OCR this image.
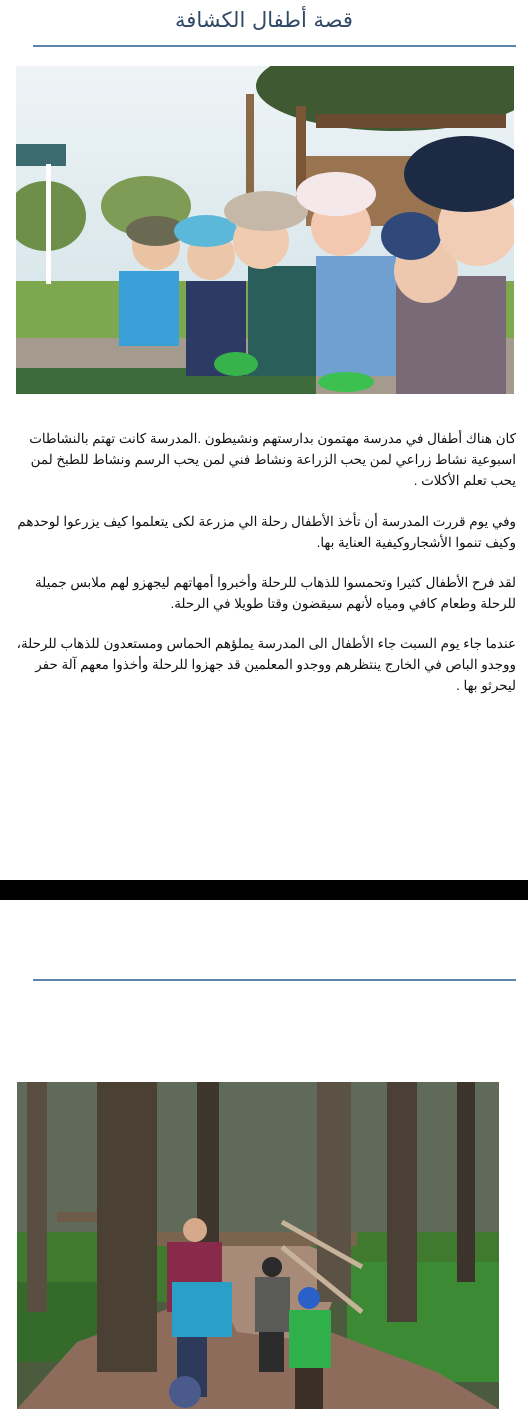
قصة أطفال الكشافة

كان هناك أطفال في مدرسة مهتمون بدارستهم ونشيطون .المدرسة كانت تهتم بالنشاطات اسبوعية نشاط زراعي لمن يحب الزراعة ونشاط فني لمن يحب الرسم ونشاط للطبخ لمن يحب تعلم الأكلات .

وفي يوم قررت المدرسة أن تأخذ الأطفال رحلة الي مزرعة لكى يتعلموا كيف يزرعوا لوحدهم وكيف تنموا الأشجاروكيفية العناية بها.

لقد فرح الأطفال كثيرا وتحمسوا للذهاب للرحلة وأخبروا أمهاتهم ليجهزو لهم ملابس جميلة للرحلة وطعام كافي ومياه لأنهم سيقضون وقتا طويلا في الرحلة.

عندما جاء يوم السبت جاء الأطفال الى المدرسة يملؤهم الحماس ومستعدون للذهاب للرحلة، ووجدو الباص في الخارج ينتظرهم ووجدو المعلمين قد جهزوا للرحلة وأخذوا معهم آلة حفر ليحرثو بها .
